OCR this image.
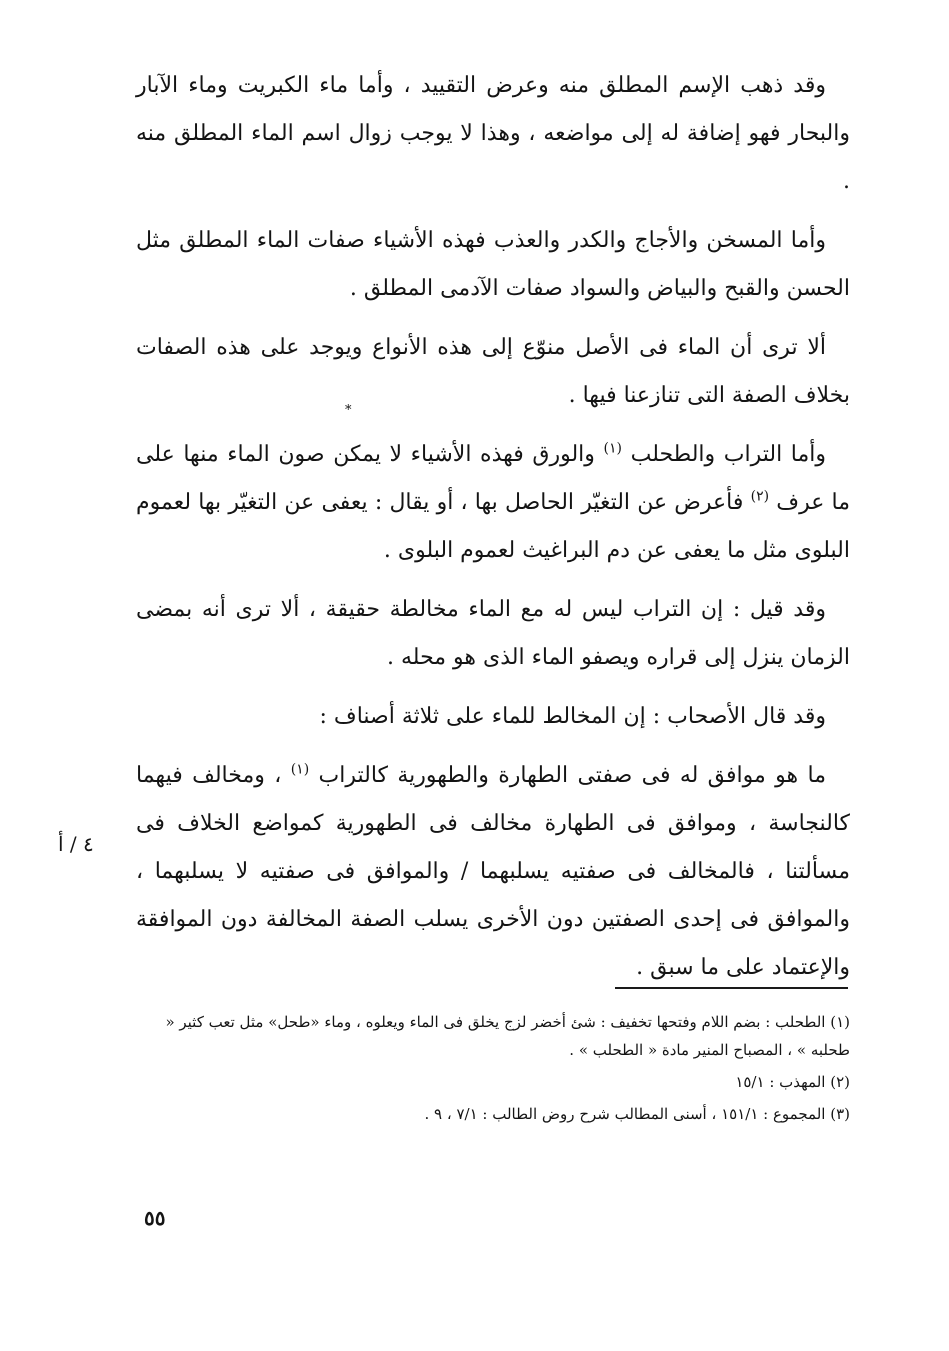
وقد ذهب الإسم المطلق منه وعرض التقييد ، وأما ماء الكبريت وماء الآبار والبحار فهو إضافة له إلى مواضعه ، وهذا لا يوجب زوال اسم الماء المطلق منه .

وأما المسخن والأجاج والكدر والعذب فهذه الأشياء صفات الماء المطلق مثل الحسن والقبح والبياض والسواد صفات الآدمى المطلق .

ألا ترى أن الماء فى الأصل منوّع إلى هذه الأنواع ويوجد على هذه الصفات بخلاف الصفة التى تنازعنا فيها .

وأما التراب والطحلب $^{(١)}$ والورق فهذه الأشياء لا يمكن صون الماء منها على ما عرف $^{(٢)}$ فأعرض عن التغيّر الحاصل بها ، أو يقال : يعفى عن التغيّر بها لعموم البلوى مثل ما يعفى عن دم البراغيث لعموم البلوى .

وقد قيل : إن التراب ليس له مع الماء مخالطة حقيقة ، ألا ترى أنه بمضى الزمان ينزل إلى قراره ويصفو الماء الذى هو محله .

وقد قال الأصحاب : إن المخالط للماء على ثلاثة أصناف :

ما هو موافق له فى صفتى الطهارة والطهورية كالتراب $^{(١)}$ ، ومخالف فيهما كالنجاسة ، وموافق فى الطهارة مخالف فى الطهورية كمواضع الخلاف فى مسألتنا ، فالمخالف فى صفتيه يسلبهما / والموافق فى صفتيه لا يسلبهما ، والموافق فى إحدى الصفتين دون الأخرى يسلب الصفة المخالفة دون الموافقة والإعتماد على ما سبق .

*
٤ / أ

(١) الطحلب : بضم اللام وفتحها تخفيف : شئ أخضر لزج يخلق فى الماء ويعلوه ، وماء «طحل» مثل تعب كثير « طحلبه » ، المصباح المنير مادة « الطحلب » .

(٢) المهذب : ١٥/١

(٣) المجموع : ١٥١/١ ، أسنى المطالب شرح روض الطالب : ٧/١ ، ٩ .

٥٥
